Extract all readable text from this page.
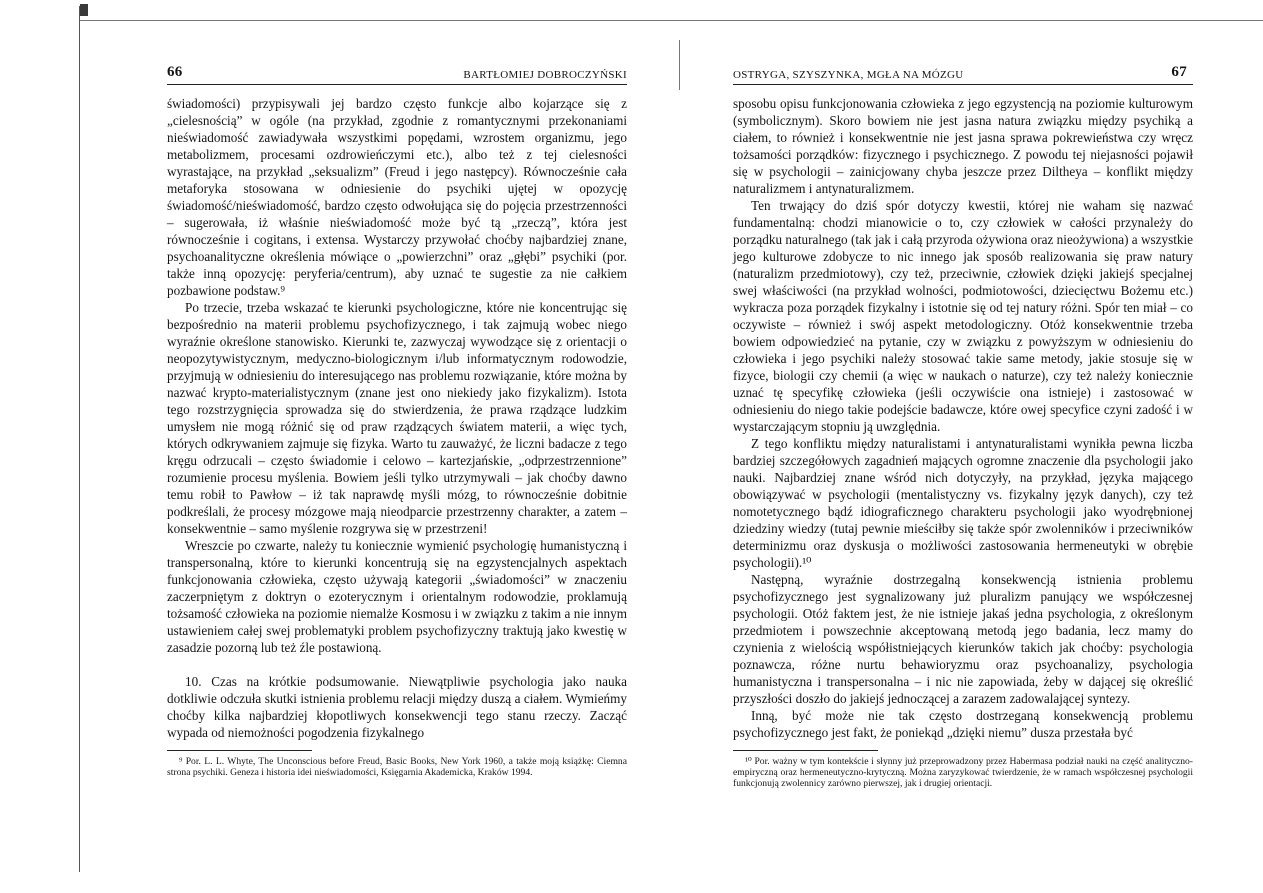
66	BARTŁOMIEJ DOBROCZYŃSKI

świadomości) przypisywali jej bardzo często funkcje albo kojarzące się z „cielesnością” w ogóle (na przykład, zgodnie z romantycznymi przekonaniami nieświadomość zawiadywała wszystkimi popędami, wzrostem organizmu, jego metabolizmem, procesami ozdrowieńczymi etc.), albo też z tej cielesności wyrastające, na przykład „seksualizm” (Freud i jego następcy). Równocześnie cała metaforyka stosowana w odniesienie do psychiki ujętej w opozycję świadomość/nieświadomość, bardzo często odwołująca się do pojęcia przestrzenności – sugerowała, iż właśnie nieświadomość może być tą „rzeczą”, która jest równocześnie i cogitans, i extensa. Wystarczy przywołać choćby najbardziej znane, psychoanalityczne określenia mówiące o „powierzchni” oraz „głębi” psychiki (por. także inną opozycję: peryferia/centrum), aby uznać te sugestie za nie całkiem pozbawione podstaw.⁹

Po trzecie, trzeba wskazać te kierunki psychologiczne, które nie koncentrując się bezpośrednio na materii problemu psychofizycznego, i tak zajmują wobec niego wyraźnie określone stanowisko. Kierunki te, zazwyczaj wywodzące się z orientacji o neopozytywistycznym, medyczno-biologicznym i/lub informatycznym rodowodzie, przyjmują w odniesieniu do interesującego nas problemu rozwiązanie, które można by nazwać krypto-materialistycznym (znane jest ono niekiedy jako fizykalizm). Istota tego rozstrzygnięcia sprowadza się do stwierdzenia, że prawa rządzące ludzkim umysłem nie mogą różnić się od praw rządzących światem materii, a więc tych, których odkrywaniem zajmuje się fizyka. Warto tu zauważyć, że liczni badacze z tego kręgu odrzucali – często świadomie i celowo – kartezjańskie, „odprzestrzennione” rozumienie procesu myślenia. Bowiem jeśli tylko utrzymywali – jak choćby dawno temu robił to Pawłow – iż tak naprawdę myśli mózg, to równocześnie dobitnie podkreślali, że procesy mózgowe mają nieodparcie przestrzenny charakter, a zatem – konsekwentnie – samo myślenie rozgrywa się w przestrzeni!

Wreszcie po czwarte, należy tu koniecznie wymienić psychologię humanistyczną i transpersonalną, które to kierunki koncentrują się na egzystencjalnych aspektach funkcjonowania człowieka, często używają kategorii „świadomości” w znaczeniu zaczerpniętym z doktryn o ezoterycznym i orientalnym rodowodzie, proklamują tożsamość człowieka na poziomie niemalże Kosmosu i w związku z takim a nie innym ustawieniem całej swej problematyki problem psychofizyczny traktują jako kwestię w zasadzie pozorną lub też źle postawioną.

10. Czas na krótkie podsumowanie. Niewątpliwie psychologia jako nauka dotkliwie odczuła skutki istnienia problemu relacji między duszą a ciałem. Wymieńmy choćby kilka najbardziej kłopotliwych konsekwencji tego stanu rzeczy. Zacząć wypada od niemożności pogodzenia fizykalnego

⁹ Por. L. L. Whyte, The Unconscious before Freud, Basic Books, New York 1960, a także moją książkę: Ciemna strona psychiki. Geneza i historia idei nieświadomości, Księgarnia Akademicka, Kraków 1994.
OSTRYGA, SZYSZYNKA, MGŁA NA MÓZGU	67

sposobu opisu funkcjonowania człowieka z jego egzystencją na poziomie kulturowym (symbolicznym). Skoro bowiem nie jest jasna natura związku między psychiką a ciałem, to również i konsekwentnie nie jest jasna sprawa pokrewieństwa czy wręcz tożsamości porządków: fizycznego i psychicznego. Z powodu tej niejasności pojawił się w psychologii – zainicjowany chyba jeszcze przez Diltheya – konflikt między naturalizmem i antynaturalizmem.

Ten trwający do dziś spór dotyczy kwestii, której nie waham się nazwać fundamentalną: chodzi mianowicie o to, czy człowiek w całości przynależy do porządku naturalnego (tak jak i całą przyroda ożywiona oraz nieożywiona) a wszystkie jego kulturowe zdobycze to nic innego jak sposób realizowania się praw natury (naturalizm przedmiotowy), czy też, przeciwnie, człowiek dzięki jakiejś specjalnej swej właściwości (na przykład wolności, podmiotowości, dziecięctwu Bożemu etc.) wykracza poza porządek fizykalny i istotnie się od tej natury różni. Spór ten miał – co oczywiste – również i swój aspekt metodologiczny. Otóż konsekwentnie trzeba bowiem odpowiedzieć na pytanie, czy w związku z powyższym w odniesieniu do człowieka i jego psychiki należy stosować takie same metody, jakie stosuje się w fizyce, biologii czy chemii (a więc w naukach o naturze), czy też należy koniecznie uznać tę specyfikę człowieka (jeśli oczywiście ona istnieje) i zastosować w odniesieniu do niego takie podejście badawcze, które owej specyfice czyni zadość i w wystarczającym stopniu ją uwzględnia.

Z tego konfliktu między naturalistami i antynaturalistami wynikła pewna liczba bardziej szczegółowych zagadnień mających ogromne znaczenie dla psychologii jako nauki. Najbardziej znane wśród nich dotyczyły, na przykład, języka mającego obowiązywać w psychologii (mentalistyczny vs. fizykalny język danych), czy też nomotetycznego bądź idiograficznego charakteru psychologii jako wyodrębnionej dziedziny wiedzy (tutaj pewnie mieściłby się także spór zwolenników i przeciwników determinizmu oraz dyskusja o możliwości zastosowania hermeneutyki w obrębie psychologii).¹⁰

Następną, wyraźnie dostrzegalną konsekwencją istnienia problemu psychofizycznego jest sygnalizowany już pluralizm panujący we współczesnej psychologii. Otóż faktem jest, że nie istnieje jakaś jedna psychologia, z określonym przedmiotem i powszechnie akceptowaną metodą jego badania, lecz mamy do czynienia z wielością współistniejących kierunków takich jak choćby: psychologia poznawcza, różne nurtu behawioryzmu oraz psychoanalizy, psychologia humanistyczna i transpersonalna – i nic nie zapowiada, żeby w dającej się określić przyszłości doszło do jakiejś jednoczącej a zarazem zadowalającej syntezy.

Inną, być może nie tak często dostrzeganą konsekwencją problemu psychofizycznego jest fakt, że poniekąd „dzięki niemu” dusza przestała być

¹⁰ Por. ważny w tym kontekście i słynny już przeprowadzony przez Habermasa podział nauki na część analityczno-empiryczną oraz hermeneutyczno-krytyczną. Można zaryzykować twierdzenie, że w ramach współczesnej psychologii funkcjonują zwolennicy zarówno pierwszej, jak i drugiej orientacji.
